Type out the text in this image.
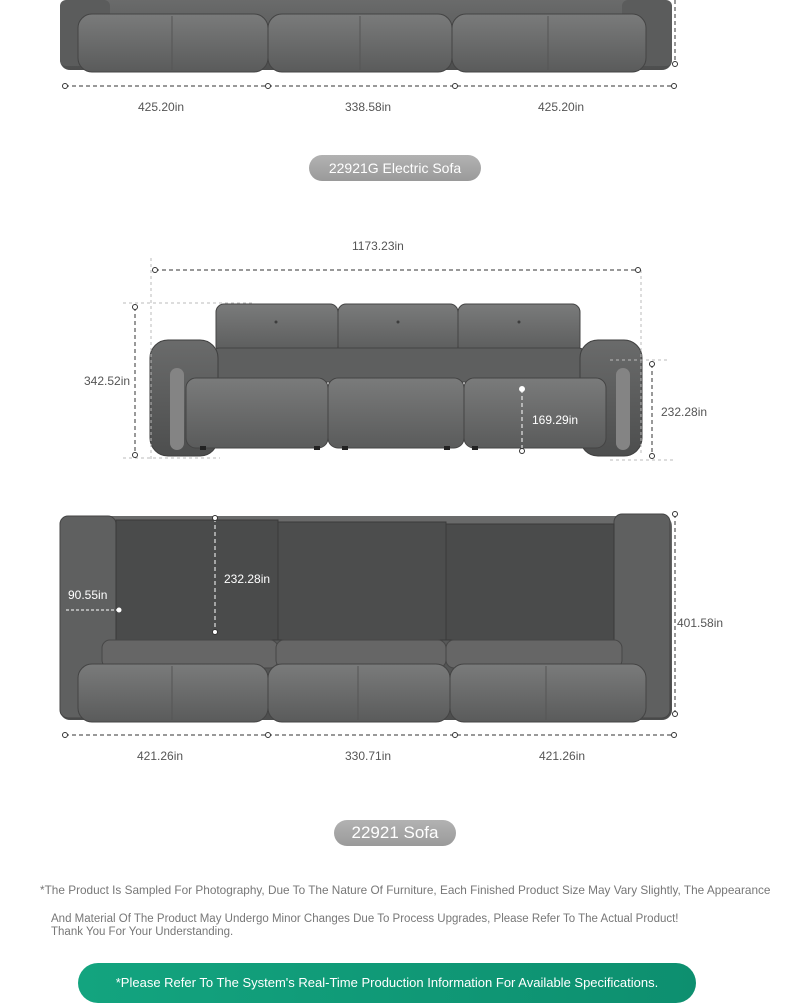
425.20in	338.58in	425.20in
22921G Electric Sofa
1173.23in
342.52in
232.28in
169.29in
90.55in
232.28in
401.58in
421.26in	330.71in	421.26in
22921 Sofa
*The Product Is Sampled For Photography, Due To The Nature Of Furniture, Each Finished Product Size May Vary Slightly, The Appearance
And Material Of The Product May Undergo Minor Changes Due To Process Upgrades, Please Refer To The Actual Product!
Thank You For Your Understanding.
*Please Refer To The System's Real-Time Production Information For Available Specifications.
